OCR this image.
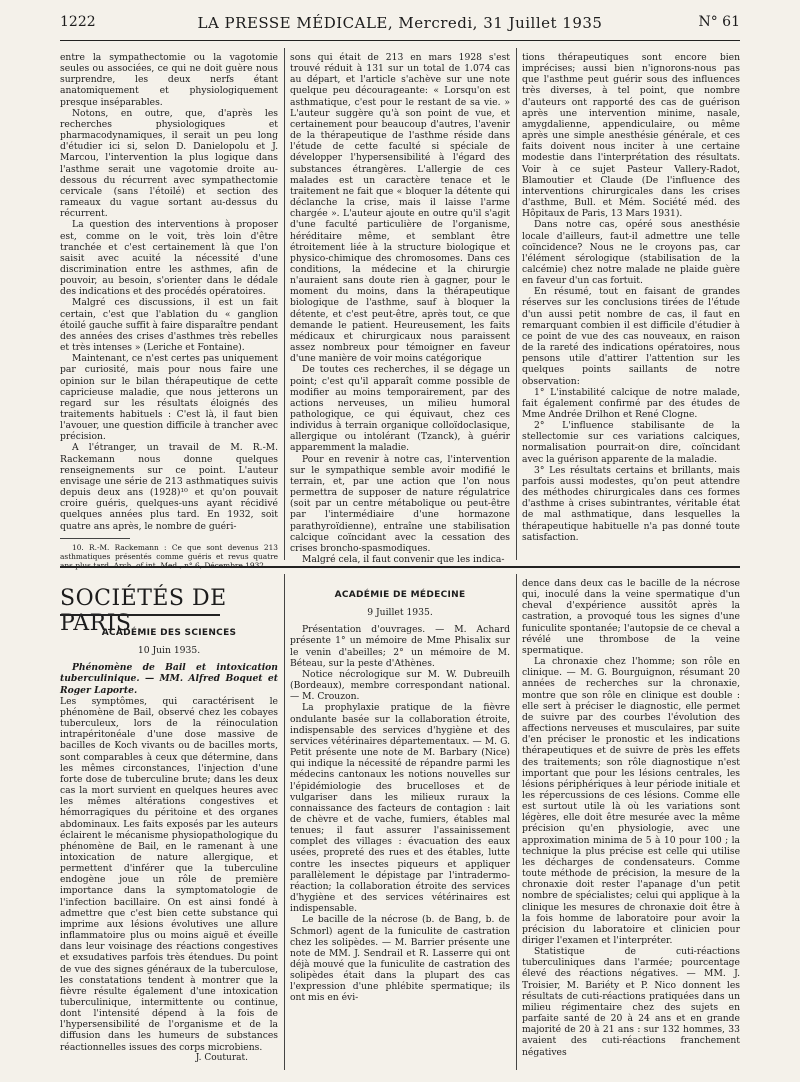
1222	LA PRESSE MÉDICALE, Mercredi, 31 Juillet 1935	N° 61

entre la sympathectomie ou la vagotomie seules ou associées, ce qui ne doit guère nous surprendre, les deux nerfs étant anatomiquement et physiologiquement presque inséparables.

Notons, en outre, que, d'après les recherches physiologiques et pharmacodynamiques, il serait un peu long d'étudier ici si, selon D. Danielopolu et J. Marcou, l'intervention la plus logique dans l'asthme serait une vagotomie droite au-dessous du récurrent avec sympathectomie cervicale (sans l'étoilé) et section des rameaux du vague sortant au-dessus du récurrent.

La question des interventions à proposer est, comme on le voit, très loin d'être tranchée et c'est certainement là que l'on saisit avec acuité la nécessité d'une discrimination entre les asthmes, afin de pouvoir, au besoin, s'orienter dans le dédale des indications et des procédés opératoires.

Malgré ces discussions, il est un fait certain, c'est que l'ablation du « ganglion étoilé gauche suffit à faire disparaître pendant des années des crises d'asthmes très rebelles et très intenses » (Leriche et Fontaine).

Maintenant, ce n'est certes pas uniquement par curiosité, mais pour nous faire une opinion sur le bilan thérapeutique de cette capricieuse maladie, que nous jetterons un regard sur les résultats éloignés des traitements habituels : C'est là, il faut bien l'avouer, une question difficile à trancher avec précision.

A l'étranger, un travail de M. R.-M. Rackemann nous donne quelques renseignements sur ce point. L'auteur envisage une série de 213 asthmatiques suivis depuis deux ans (1928)¹⁰ et qu'on pouvait croire guéris, quelques-uns ayant récidivé quelques années plus tard. En 1932, soit quatre ans après, le nombre de guéri-

10. R.-M. Rackemann : Ce que sont devenus 213 asthmatiques présentés comme guéris et revus quatre ans plus tard. Arch. of int. Med., n° 6, Décembre 1932.

sons qui était de 213 en mars 1928 s'est trouvé réduit à 131 sur un total de 1.074 cas au départ, et l'article s'achève sur une note quelque peu décourageante: « Lorsqu'on est asthmatique, c'est pour le restant de sa vie. » L'auteur suggère qu'à son point de vue, et certainement pour beaucoup d'autres, l'avenir de la thérapeutique de l'asthme réside dans l'étude de cette faculté si spéciale de développer l'hypersensibilité à l'égard des substances étrangères. L'allergie de ces malades est un caractère tenace et le traitement ne fait que « bloquer la détente qui déclanche la crise, mais il laisse l'arme chargée ». L'auteur ajoute en outre qu'il s'agit d'une faculté particulière de l'organisme, héréditaire même, et semblant être étroitement liée à la structure biologique et physico-chimique des chromosomes. Dans ces conditions, la médecine et la chirurgie n'auraient sans doute rien à gagner, pour le moment du moins, dans la thérapeutique biologique de l'asthme, sauf à bloquer la détente, et c'est peut-être, après tout, ce que demande le patient. Heureusement, les faits médicaux et chirurgicaux nous paraissent assez nombreux pour témoigner en faveur d'une manière de voir moins catégorique

De toutes ces recherches, il se dégage un point; c'est qu'il apparaît comme possible de modifier au moins temporairement, par des actions nerveuses, un milieu humoral pathologique, ce qui équivaut, chez ces individus à terrain organique colloïdoclasique, allergique ou intolérant (Tzanck), à guérir apparemment la maladie.

Pour en revenir à notre cas, l'intervention sur le sympathique semble avoir modifié le terrain, et, par une action que l'on nous permettra de supposer de nature régulatrice (soit par un centre métabolique ou peut-être par l'intermédiaire d'une hormazone parathyroïdienne), entraîne une stabilisation calcique coïncidant avec la cessation des crises broncho-spasmodiques.

Malgré cela, il faut convenir que les indica-

tions thérapeutiques sont encore bien imprécises; aussi bien n'ignorons-nous pas que l'asthme peut guérir sous des influences très diverses, à tel point, que nombre d'auteurs ont rapporté des cas de guérison après une intervention minime, nasale, amygdalienne, appendiculaire, ou même après une simple anesthésie générale, et ces faits doivent nous inciter à une certaine modestie dans l'interprétation des résultats. Voir à ce sujet Pasteur Vallery-Radot, Blamoutier et Claude (De l'influence des interventions chirurgicales dans les crises d'asthme, Bull. et Mém. Société méd. des Hôpitaux de Paris, 13 Mars 1931).

Dans notre cas, opéré sous anesthésie locale d'ailleurs, faut-il admettre une telle coïncidence? Nous ne le croyons pas, car l'élément sérologique (stabilisation de la calcémie) chez notre malade ne plaide guère en faveur d'un cas fortuit.

En résumé, tout en faisant de grandes réserves sur les conclusions tirées de l'étude d'un aussi petit nombre de cas, il faut en remarquant combien il est difficile d'étudier à ce point de vue des cas nouveaux, en raison de la rareté des indications opératoires, nous pensons utile d'attirer l'attention sur les quelques points saillants de notre observation:

1° L'instabilité calcique de notre malade, fait également confirmé par des études de Mme Andrée Drilhon et René Clogne.

2° L'influence stabilisante de la stellectomie sur ces variations calciques, normalisation pourrait-on dire, coïncidant avec la guérison apparente de la maladie.

3° Les résultats certains et brillants, mais parfois aussi modestes, qu'on peut attendre des méthodes chirurgicales dans ces formes d'asthme à crises subintrantes, véritable état de mal asthmatique, dans lesquelles la thérapeutique habituelle n'a pas donné toute satisfaction.

SOCIÉTÉS DE PARIS
ACADÉMIE DES SCIENCES
10 Juin 1935.

Phénomène de Bail et intoxication tuberculinique. — MM. Alfred Boquet et Roger Laporte.

Les symptômes, qui caractérisent le phénomène de Bail, observé chez les cobayes tuberculeux, lors de la réinoculation intrapéritonéale d'une dose massive de bacilles de Koch vivants ou de bacilles morts, sont comparables à ceux que détermine, dans les mêmes circonstances, l'injection d'une forte dose de tuberculine brute; dans les deux cas la mort survient en quelques heures avec les mêmes altérations congestives et hémorragiques du péritoine et des organes abdominaux. Les faits exposés par les auteurs éclairent le mécanisme physiopathologique du phénomène de Bail, en le ramenant à une intoxication de nature allergique, et permettent d'inférer que la tuberculine endogène joue un rôle de première importance dans la symptomatologie de l'infection bacillaire. On est ainsi fondé à admettre que c'est bien cette substance qui imprime aux lésions évolutives une allure inflammatoire plus ou moins aiguë et éveille dans leur voisinage des réactions congestives et exsudatives parfois très étendues. Du point de vue des signes généraux de la tuberculose, les constatations tendent à montrer que la fièvre résulte également d'une intoxication tuberculinique, intermittente ou continue, dont l'intensité dépend à la fois de l'hypersensibilité de l'organisme et de la diffusion dans les humeurs de substances réactionnelles issues des corps microbiens.

J. Couturat.
ACADÉMIE DE MÉDECINE
9 Juillet 1935.

Présentation d'ouvrages. — M. Achard présente 1° un mémoire de Mme Phisalix sur le venin d'abeilles; 2° un mémoire de M. Béteau, sur la peste d'Athènes.

Notice nécrologique sur M. W. Dubreuilh (Bordeaux), membre correspondant national. — M. Crouzon.

La prophylaxie pratique de la fièvre ondulante basée sur la collaboration étroite, indispensable des services d'hygiène et des services vétérinaires départementaux. — M. G. Petit présente une note de M. Barbary (Nice) qui indique la nécessité de répandre parmi les médecins cantonaux les notions nouvelles sur l'épidémiologie des brucelloses et de vulgariser dans les milieux ruraux la connaissance des facteurs de contagion : lait de chèvre et de vache, fumiers, étables mal tenues; il faut assurer l'assainissement complet des villages : évacuation des eaux usées, propreté des rues et des étables, lutte contre les insectes piqueurs et appliquer parallèlement le dépistage par l'intradermo-réaction; la collaboration étroite des services d'hygiène et des services vétérinaires est indispensable.

Le bacille de la nécrose (b. de Bang, b. de Schmorl) agent de la funiculite de castration chez les solipèdes. — M. Barrier présente une note de MM. J. Sendrail et R. Lasserre qui ont déjà mouvé que la funiculite de castration des solipèdes était dans la plupart des cas l'expression d'une phlébite spermatique; ils ont mis en évi-

dence dans deux cas le bacille de la nécrose qui, inoculé dans la veine spermatique d'un cheval d'expérience aussitôt après la castration, a provoqué tous les signes d'une funiculite spontanée; l'autopsie de ce cheval a révélé une thrombose de la veine spermatique.

La chronaxie chez l'homme; son rôle en clinique. — M. G. Bourguignon, résumant 20 années de recherches sur la chronaxie, montre que son rôle en clinique est double : elle sert à préciser le diagnostic, elle permet de suivre par des courbes l'évolution des affections nerveuses et musculaires, par suite d'en préciser le pronostic et les indications thérapeutiques et de suivre de près les effets des traitements; son rôle diagnostique n'est important que pour les lésions centrales, les lésions périphériques à leur période initiale et les répercussions de ces lésions. Comme elle est surtout utile là où les variations sont légères, elle doit être mesurée avec la même précision qu'en physiologie, avec une approximation minima de 5 à 10 pour 100 ; la technique la plus précise est celle qui utilise les décharges de condensateurs. Comme toute méthode de précision, la mesure de la chronaxie doit rester l'apanage d'un petit nombre de spécialistes; celui qui applique à la clinique les mesures de chronaxie doit être à la fois homme de laboratoire pour avoir la précision du laboratoire et clinicien pour diriger l'examen et l'interpréter.

Statistique de cuti-réactions tuberculiniques dans l'armée; pourcentage élevé des réactions négatives. — MM. J. Troisier, M. Bariéty et P. Nico donnent les résultats de cuti-réactions pratiquées dans un milieu régimentaire chez des sujets en parfaite santé de 20 à 24 ans et en grande majorité de 20 à 21 ans : sur 132 hommes, 33 avaient des cuti-réactions franchement négatives
